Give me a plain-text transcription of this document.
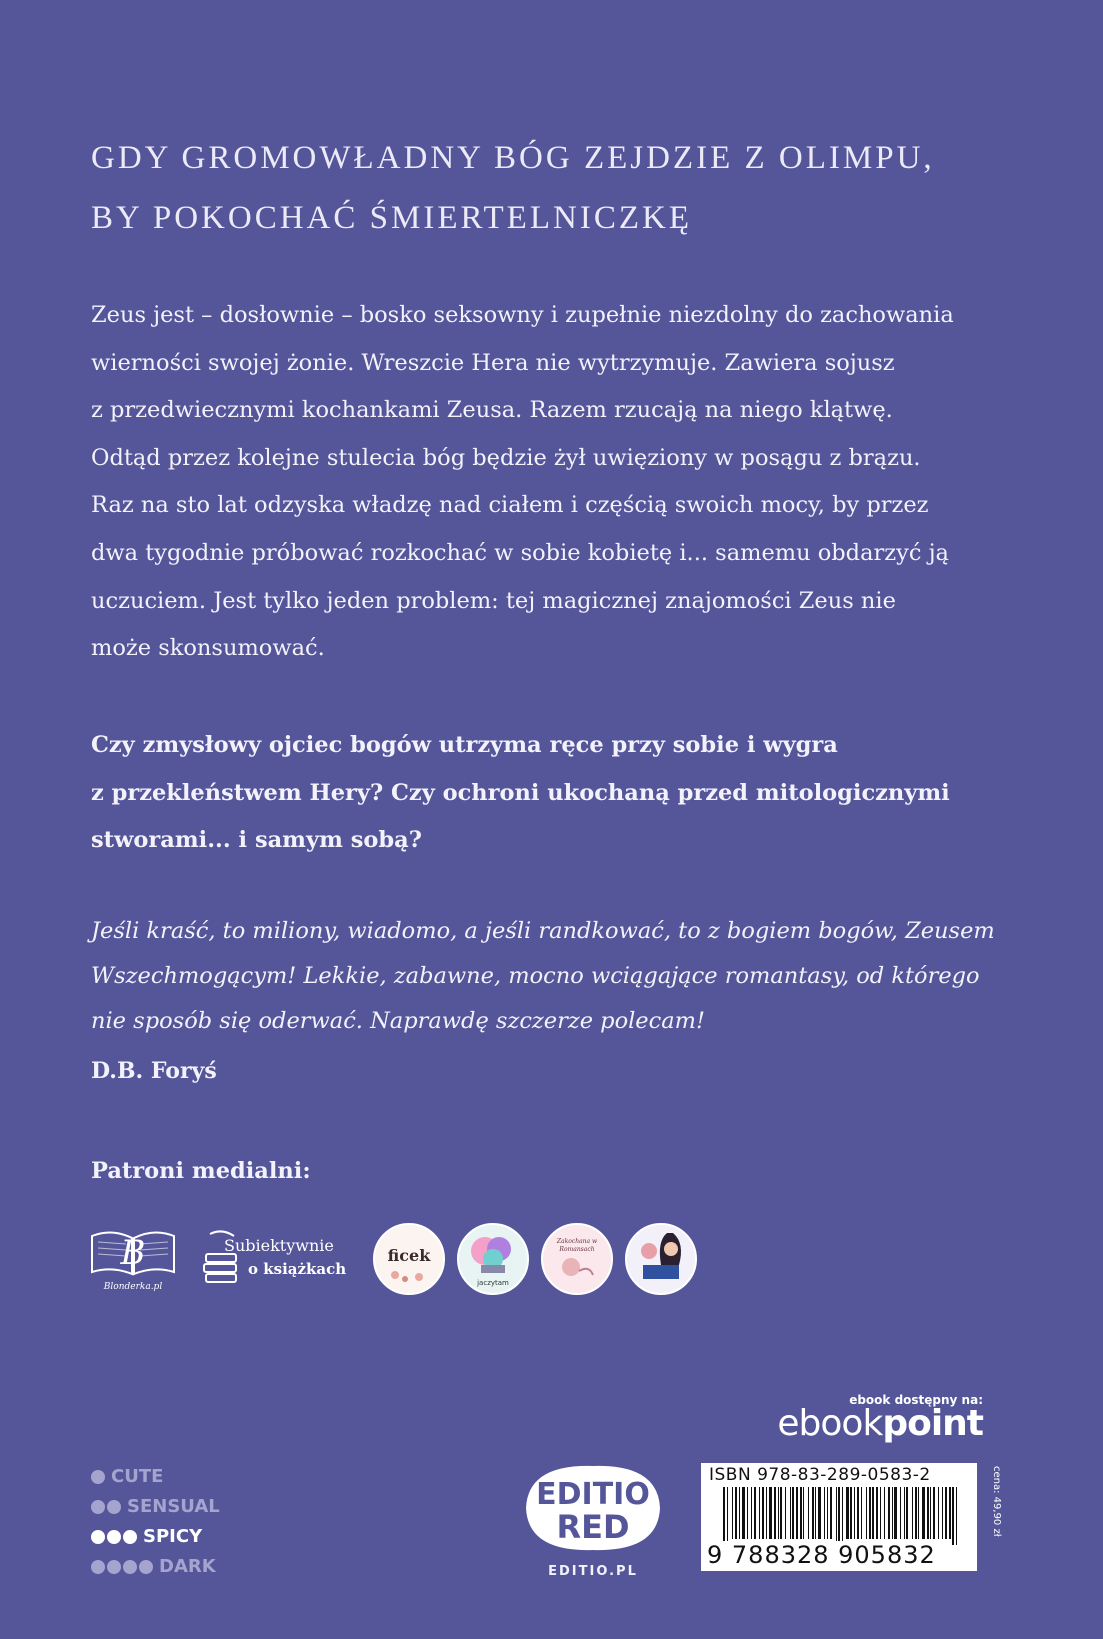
GDY GROMOWŁADNY BÓG ZEJDZIE Z OLIMPU,
BY POKOCHAĆ ŚMIERTELNICZKĘ
Zeus jest – dosłownie – bosko seksowny i zupełnie niezdolny do zachowania
wierności swojej żonie. Wreszcie Hera nie wytrzymuje. Zawiera sojusz
z przedwiecznymi kochankami Zeusa. Razem rzucają na niego klątwę.
Odtąd przez kolejne stulecia bóg będzie żył uwięziony w posągu z brązu.
Raz na sto lat odzyska władzę nad ciałem i częścią swoich mocy, by przez
dwa tygodnie próbować rozkochać w sobie kobietę i... samemu obdarzyć ją
uczuciem. Jest tylko jeden problem: tej magicznej znajomości Zeus nie
może skonsumować.
Czy zmysłowy ojciec bogów utrzyma ręce przy sobie i wygra
z przekleństwem Hery? Czy ochroni ukochaną przed mitologicznymi
stworami... i samym sobą?
Jeśli kraść, to miliony, wiadomo, a jeśli randkować, to z bogiem bogów, Zeusem
Wszechmogącym! Lekkie, zabawne, mocno wciągające romantasy, od którego
nie sposób się oderwać. Naprawdę szczerze polecam!
D.B. Foryś
Patroni medialni:
B
Blonderka.pl
Subiektywnie
o książkach
ficek
jaczytam
Zakochana w
Romansach
CUTE
SENSUAL
SPICY
DARK
ebook dostępny na:
ebookpoint
EDITIO
RED
EDITIO.PL
ISBN 978-83-289-0583-2
9 788328 905832
cena: 49,90 zł
